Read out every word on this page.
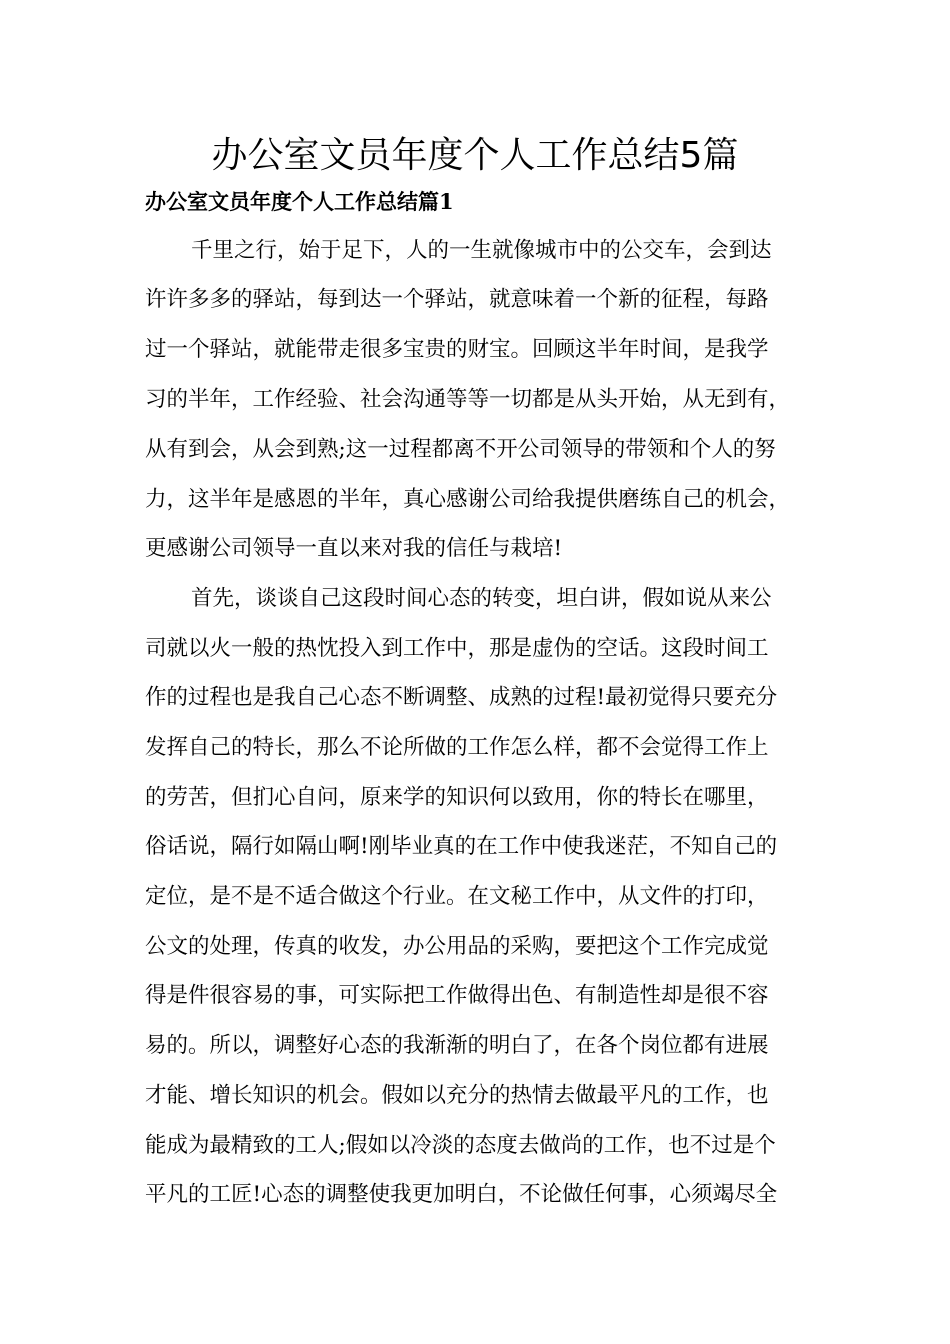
办公室文员年度个人工作总结5篇
办公室文员年度个人工作总结篇1
千里之行，始于足下，人的一生就像城市中的公交车，会到达
许许多多的驿站，每到达一个驿站，就意味着一个新的征程，每路
过一个驿站，就能带走很多宝贵的财宝。回顾这半年时间，是我学
习的半年，工作经验、社会沟通等等一切都是从头开始，从无到有，
从有到会，从会到熟;这一过程都离不开公司领导的带领和个人的努
力，这半年是感恩的半年，真心感谢公司给我提供磨练自己的机会，
更感谢公司领导一直以来对我的信任与栽培!
首先，谈谈自己这段时间心态的转变，坦白讲，假如说从来公
司就以火一般的热忱投入到工作中，那是虚伪的空话。这段时间工
作的过程也是我自己心态不断调整、成熟的过程!最初觉得只要充分
发挥自己的特长，那么不论所做的工作怎么样，都不会觉得工作上
的劳苦，但扪心自问，原来学的知识何以致用，你的特长在哪里，
俗话说，隔行如隔山啊!刚毕业真的在工作中使我迷茫，不知自己的
定位，是不是不适合做这个行业。在文秘工作中，从文件的打印，
公文的处理，传真的收发，办公用品的采购，要把这个工作完成觉
得是件很容易的事，可实际把工作做得出色、有制造性却是很不容
易的。所以，调整好心态的我渐渐的明白了，在各个岗位都有进展
才能、增长知识的机会。假如以充分的热情去做最平凡的工作，也
能成为最精致的工人;假如以冷淡的态度去做尚的工作，也不过是个
平凡的工匠!心态的调整使我更加明白，不论做任何事，心须竭尽全
